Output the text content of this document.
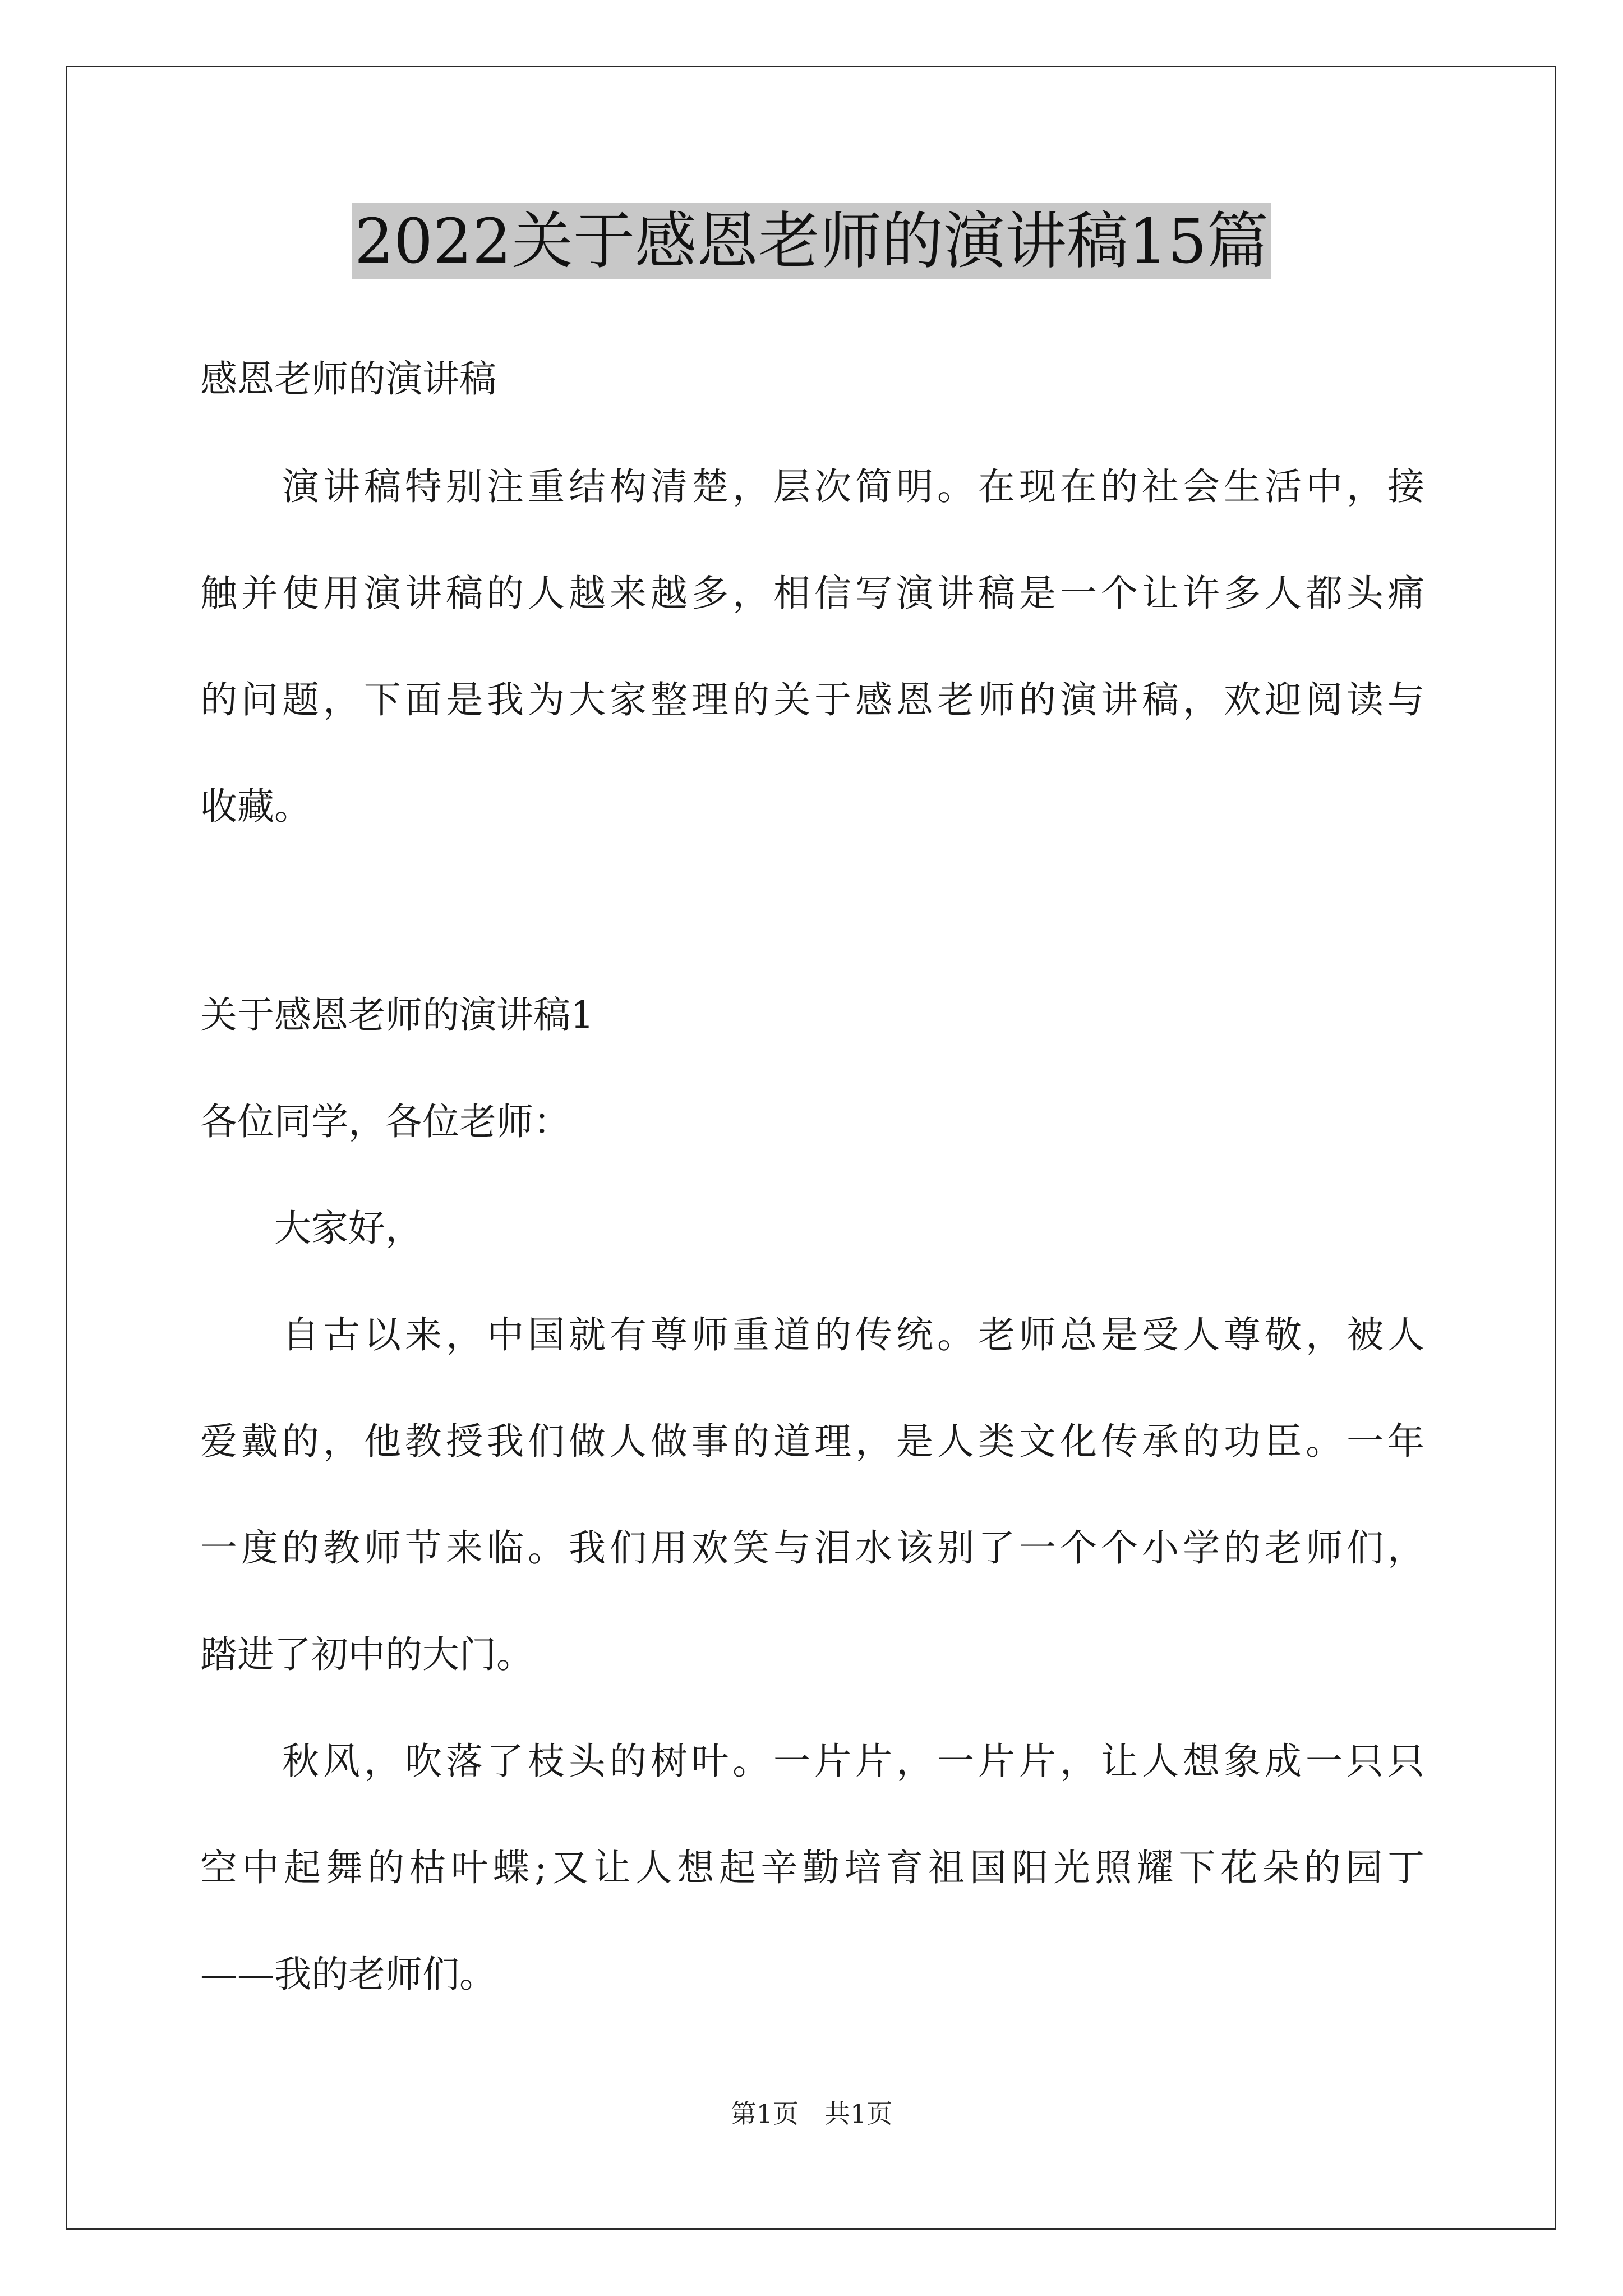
2022关于感恩老师的演讲稿15篇
感恩老师的演讲稿
　　演讲稿特别注重结构清楚，层次简明。在现在的社会生活中，接
触并使用演讲稿的人越来越多，相信写演讲稿是一个让许多人都头痛
的问题，下面是我为大家整理的关于感恩老师的演讲稿，欢迎阅读与
收藏。
关于感恩老师的演讲稿1
各位同学，各位老师：
　　大家好，
　　自古以来，中国就有尊师重道的传统。老师总是受人尊敬，被人
爱戴的，他教授我们做人做事的道理，是人类文化传承的功臣。一年
一度的教师节来临。我们用欢笑与泪水该别了一个个小学的老师们，
踏进了初中的大门。
　　秋风，吹落了枝头的树叶。一片片，一片片，让人想象成一只只
空中起舞的枯叶蝶;又让人想起辛勤培育祖国阳光照耀下花朵的园丁
——我的老师们。
第1页　共1页
